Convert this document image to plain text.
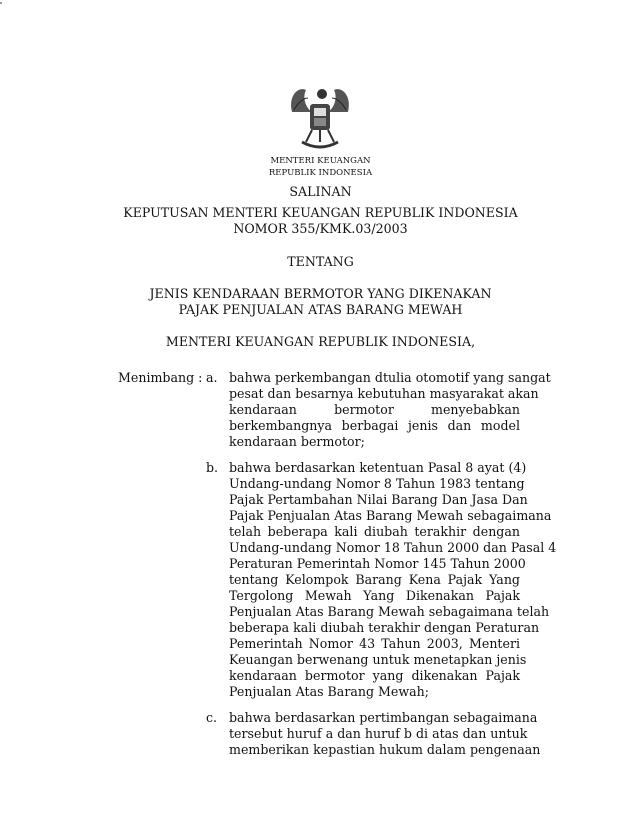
MENTERI KEUANGAN
REPUBLIK INDONESIA
SALINAN
KEPUTUSAN MENTERI KEUANGAN REPUBLIK INDONESIA
NOMOR 355/KMK.03/2003
TENTANG
JENIS KENDARAAN BERMOTOR YANG DIKENAKAN
PAJAK PENJUALAN ATAS BARANG MEWAH
MENTERI KEUANGAN REPUBLIK INDONESIA,
Menimbang : a. bahwa perkembangan dtulia otomotif yang sangat
pesat dan besarnya kebutuhan masyarakat akan
kendaraan bermotor menyebabkan
berkembangnya berbagai jenis dan model
kendaraan bermotor;
b. bahwa berdasarkan ketentuan Pasal 8 ayat (4)
Undang-undang Nomor 8 Tahun 1983 tentang
Pajak Pertambahan Nilai Barang Dan Jasa Dan
Pajak Penjualan Atas Barang Mewah sebagaimana
telah beberapa kali diubah terakhir dengan
Undang-undang Nomor 18 Tahun 2000 dan Pasal 4
Peraturan Pemerintah Nomor 145 Tahun 2000
tentang Kelompok Barang Kena Pajak Yang
Tergolong Mewah Yang Dikenakan Pajak
Penjualan Atas Barang Mewah sebagaimana telah
beberapa kali diubah terakhir dengan Peraturan
Pemerintah Nomor 43 Tahun 2003, Menteri
Keuangan berwenang untuk menetapkan jenis
kendaraan bermotor yang dikenakan Pajak
Penjualan Atas Barang Mewah;
c. bahwa berdasarkan pertimbangan sebagaimana
tersebut huruf a dan huruf b di atas dan untuk
memberikan kepastian hukum dalam pengenaan
